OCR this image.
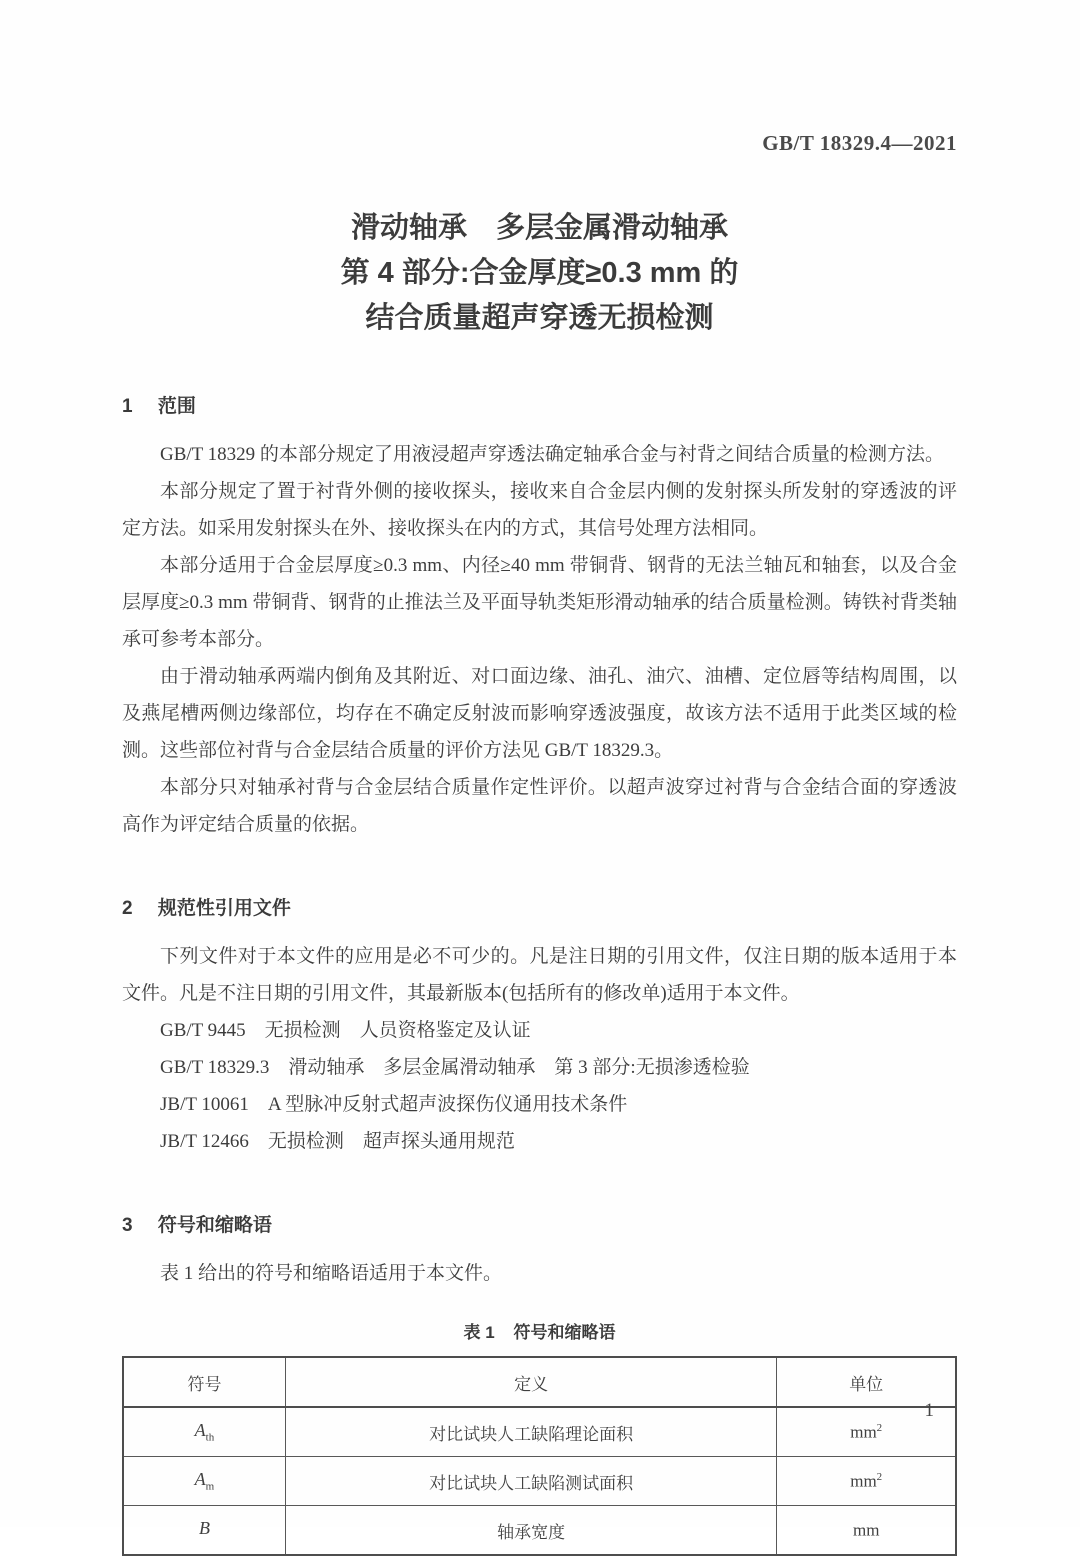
GB/T 18329.4—2021
滑动轴承　多层金属滑动轴承
第 4 部分:合金厚度≥0.3 mm 的
结合质量超声穿透无损检测
1 范围

GB/T 18329 的本部分规定了用液浸超声穿透法确定轴承合金与衬背之间结合质量的检测方法。

本部分规定了置于衬背外侧的接收探头，接收来自合金层内侧的发射探头所发射的穿透波的评定方法。如采用发射探头在外、接收探头在内的方式，其信号处理方法相同。

本部分适用于合金层厚度≥0.3 mm、内径≥40 mm 带铜背、钢背的无法兰轴瓦和轴套，以及合金层厚度≥0.3 mm 带铜背、钢背的止推法兰及平面导轨类矩形滑动轴承的结合质量检测。铸铁衬背类轴承可参考本部分。

由于滑动轴承两端内倒角及其附近、对口面边缘、油孔、油穴、油槽、定位唇等结构周围，以及燕尾槽两侧边缘部位，均存在不确定反射波而影响穿透波强度，故该方法不适用于此类区域的检测。这些部位衬背与合金层结合质量的评价方法见 GB/T 18329.3。

本部分只对轴承衬背与合金层结合质量作定性评价。以超声波穿过衬背与合金结合面的穿透波高作为评定结合质量的依据。

2 规范性引用文件

下列文件对于本文件的应用是必不可少的。凡是注日期的引用文件，仅注日期的版本适用于本文件。凡是不注日期的引用文件，其最新版本(包括所有的修改单)适用于本文件。

GB/T 9445　无损检测　人员资格鉴定及认证

GB/T 18329.3　滑动轴承　多层金属滑动轴承　第 3 部分:无损渗透检验

JB/T 10061　A 型脉冲反射式超声波探伤仪通用技术条件

JB/T 12466　无损检测　超声探头通用规范

3 符号和缩略语

表 1 给出的符号和缩略语适用于本文件。

表 1 符号和缩略语
符号	定义	单位
$A_{th}$	对比试块人工缺陷理论面积	$mm^2$
$A_m$	对比试块人工缺陷测试面积	$mm^2$
B	轴承宽度	mm
1
